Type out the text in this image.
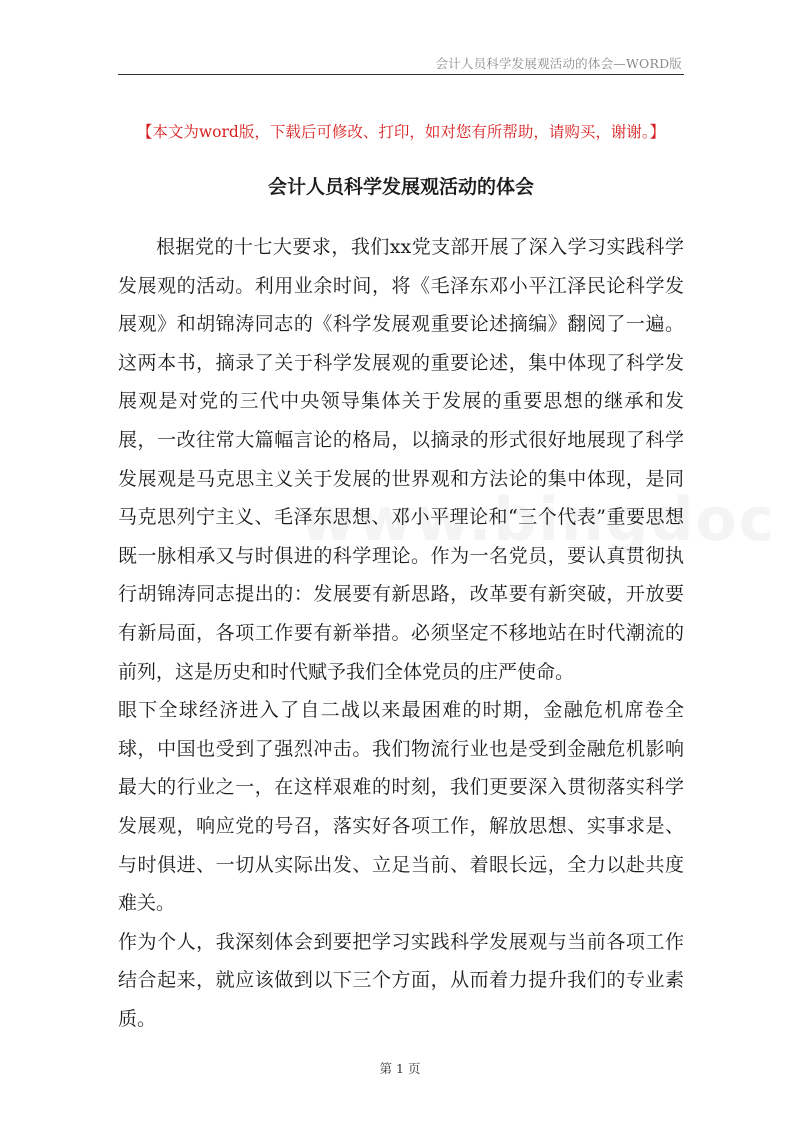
会计人员科学发展观活动的体会—WORD版
【本文为word版，下载后可修改、打印，如对您有所帮助，请购买，谢谢。】
会计人员科学发展观活动的体会

根据党的十七大要求，我们xx党支部开展了深入学习实践科学发展观的活动。利用业余时间，将《毛泽东邓小平江泽民论科学发展观》和胡锦涛同志的《科学发展观重要论述摘编》翻阅了一遍。这两本书，摘录了关于科学发展观的重要论述，集中体现了科学发展观是对党的三代中央领导集体关于发展的重要思想的继承和发展，一改往常大篇幅言论的格局，以摘录的形式很好地展现了科学发展观是马克思主义关于发展的世界观和方法论的集中体现，是同马克思列宁主义、毛泽东思想、邓小平理论和“三个代表”重要思想既一脉相承又与时俱进的科学理论。作为一名党员，要认真贯彻执行胡锦涛同志提出的：发展要有新思路，改革要有新突破，开放要有新局面，各项工作要有新举措。必须坚定不移地站在时代潮流的前列，这是历史和时代赋予我们全体党员的庄严使命。

眼下全球经济进入了自二战以来最困难的时期，金融危机席卷全球，中国也受到了强烈冲击。我们物流行业也是受到金融危机影响最大的行业之一，在这样艰难的时刻，我们更要深入贯彻落实科学发展观，响应党的号召，落实好各项工作，解放思想、实事求是、与时俱进、一切从实际出发、立足当前、着眼长远，全力以赴共度难关。

作为个人，我深刻体会到要把学习实践科学发展观与当前各项工作结合起来，就应该做到以下三个方面，从而着力提升我们的专业素质。

第 1 页
